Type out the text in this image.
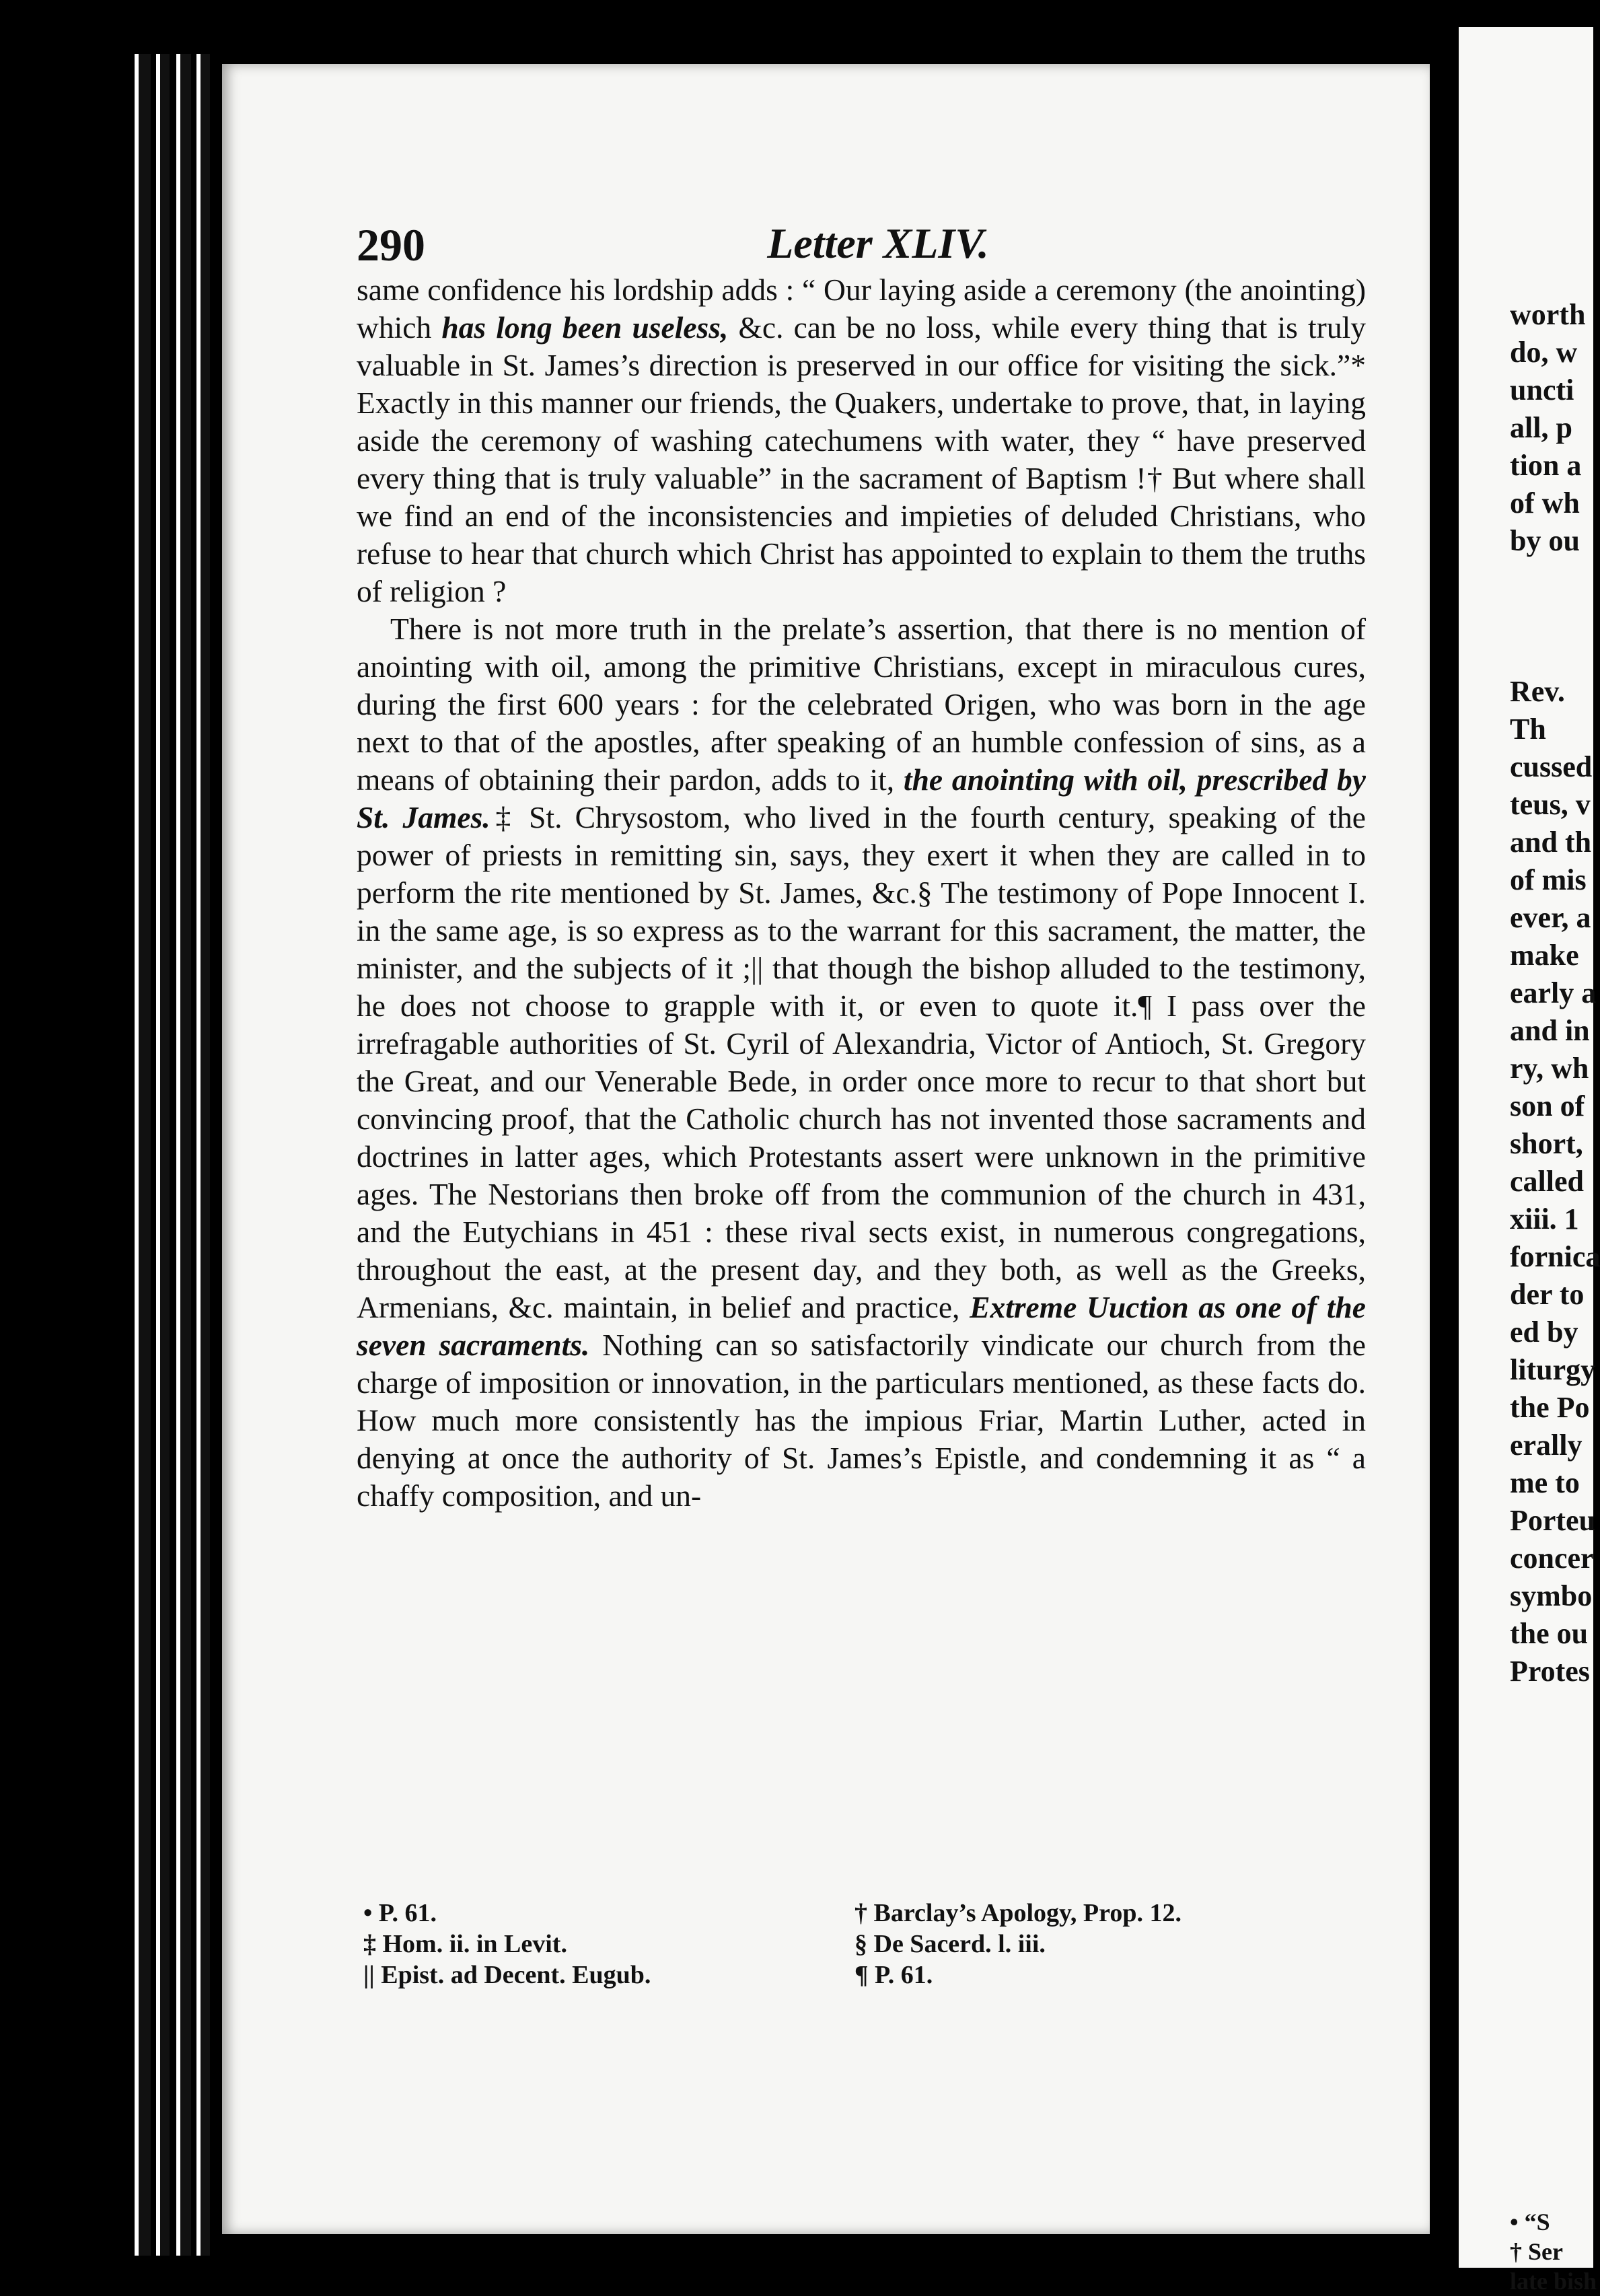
290	Letter XLIV.

same confidence his lordship adds : “ Our laying aside a ceremony (the anointing) which has long been useless, &c. can be no loss, while every thing that is truly valuable in St. James’s direction is preserved in our office for visiting the sick.”* Exactly in this manner our friends, the Quakers, undertake to prove, that, in laying aside the ceremony of washing catechumens with water, they “ have preserved every thing that is truly valuable” in the sacrament of Baptism !† But where shall we find an end of the inconsistencies and impieties of deluded Christians, who refuse to hear that church which Christ has appointed to explain to them the truths of religion ?

There is not more truth in the prelate’s assertion, that there is no mention of anointing with oil, among the primitive Christians, except in miraculous cures, during the first 600 years : for the celebrated Origen, who was born in the age next to that of the apostles, after speaking of an humble confession of sins, as a means of obtaining their pardon, adds to it, the anointing with oil, prescribed by St. James.‡ St. Chrysostom, who lived in the fourth century, speaking of the power of priests in remitting sin, says, they exert it when they are called in to perform the rite mentioned by St. James, &c.§ The testimony of Pope Innocent I. in the same age, is so express as to the warrant for this sacrament, the matter, the minister, and the subjects of it ;|| that though the bishop alluded to the testimony, he does not choose to grapple with it, or even to quote it.¶ I pass over the irrefragable authorities of St. Cyril of Alexandria, Victor of Antioch, St. Gregory the Great, and our Venerable Bede, in order once more to recur to that short but convincing proof, that the Catholic church has not invented those sacraments and doctrines in latter ages, which Protestants assert were unknown in the primitive ages. The Nestorians then broke off from the communion of the church in 431, and the Eutychians in 451 : these rival sects exist, in numerous congregations, throughout the east, at the present day, and they both, as well as the Greeks, Armenians, &c. maintain, in belief and practice, Extreme Uuction as one of the seven sacraments. Nothing can so satisfactorily vindicate our church from the charge of imposition or innovation, in the particulars mentioned, as these facts do. How much more consistently has the impious Friar, Martin Luther, acted in denying at once the authority of St. James’s Epistle, and condemning it as “ a chaffy composition, and un-

• P. 61.
‡ Hom. ii. in Levit.
|| Epist. ad Decent. Eugub.
† Barclay’s Apology, Prop. 12.
§ De Sacerd. l. iii.
¶ P. 61.
worth
do, w
uncti
all, p
tion a
of wh
by ou
Rev.
Th
cussed
teus, v
and th
of mis
ever, a
make
early a
and in
ry, wh
son of
short,
called
xiii. 1
fornica
der to
ed by
liturgy
the Po
erally
me to
Porteu
concer
symbo
the ou
Protes
• “S
† Ser
late bish
